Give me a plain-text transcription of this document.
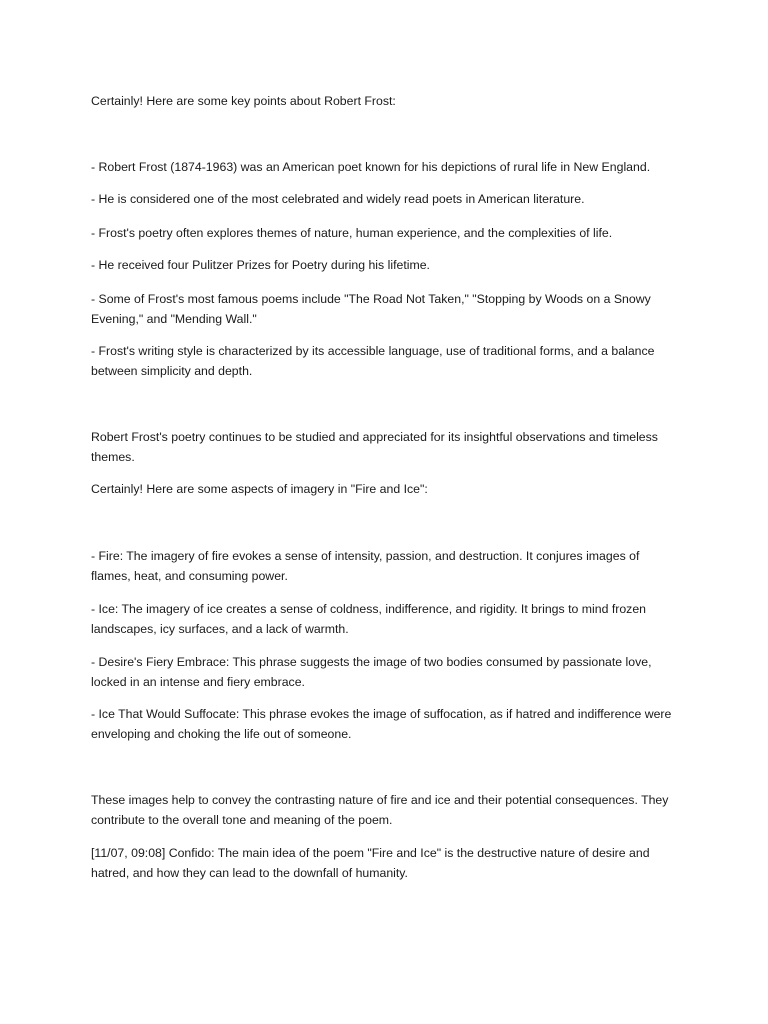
Certainly! Here are some key points about Robert Frost:

- Robert Frost (1874-1963) was an American poet known for his depictions of rural life in New England.

- He is considered one of the most celebrated and widely read poets in American literature.

- Frost's poetry often explores themes of nature, human experience, and the complexities of life.

- He received four Pulitzer Prizes for Poetry during his lifetime.

- Some of Frost's most famous poems include "The Road Not Taken," "Stopping by Woods on a Snowy Evening," and "Mending Wall."

- Frost's writing style is characterized by its accessible language, use of traditional forms, and a balance between simplicity and depth.

Robert Frost's poetry continues to be studied and appreciated for its insightful observations and timeless themes.

Certainly! Here are some aspects of imagery in "Fire and Ice":

- Fire: The imagery of fire evokes a sense of intensity, passion, and destruction. It conjures images of flames, heat, and consuming power.

- Ice: The imagery of ice creates a sense of coldness, indifference, and rigidity. It brings to mind frozen landscapes, icy surfaces, and a lack of warmth.

- Desire's Fiery Embrace: This phrase suggests the image of two bodies consumed by passionate love, locked in an intense and fiery embrace.

- Ice That Would Suffocate: This phrase evokes the image of suffocation, as if hatred and indifference were enveloping and choking the life out of someone.

These images help to convey the contrasting nature of fire and ice and their potential consequences. They contribute to the overall tone and meaning of the poem.

[11/07, 09:08] Confido: The main idea of the poem "Fire and Ice" is the destructive nature of desire and hatred, and how they can lead to the downfall of humanity.
